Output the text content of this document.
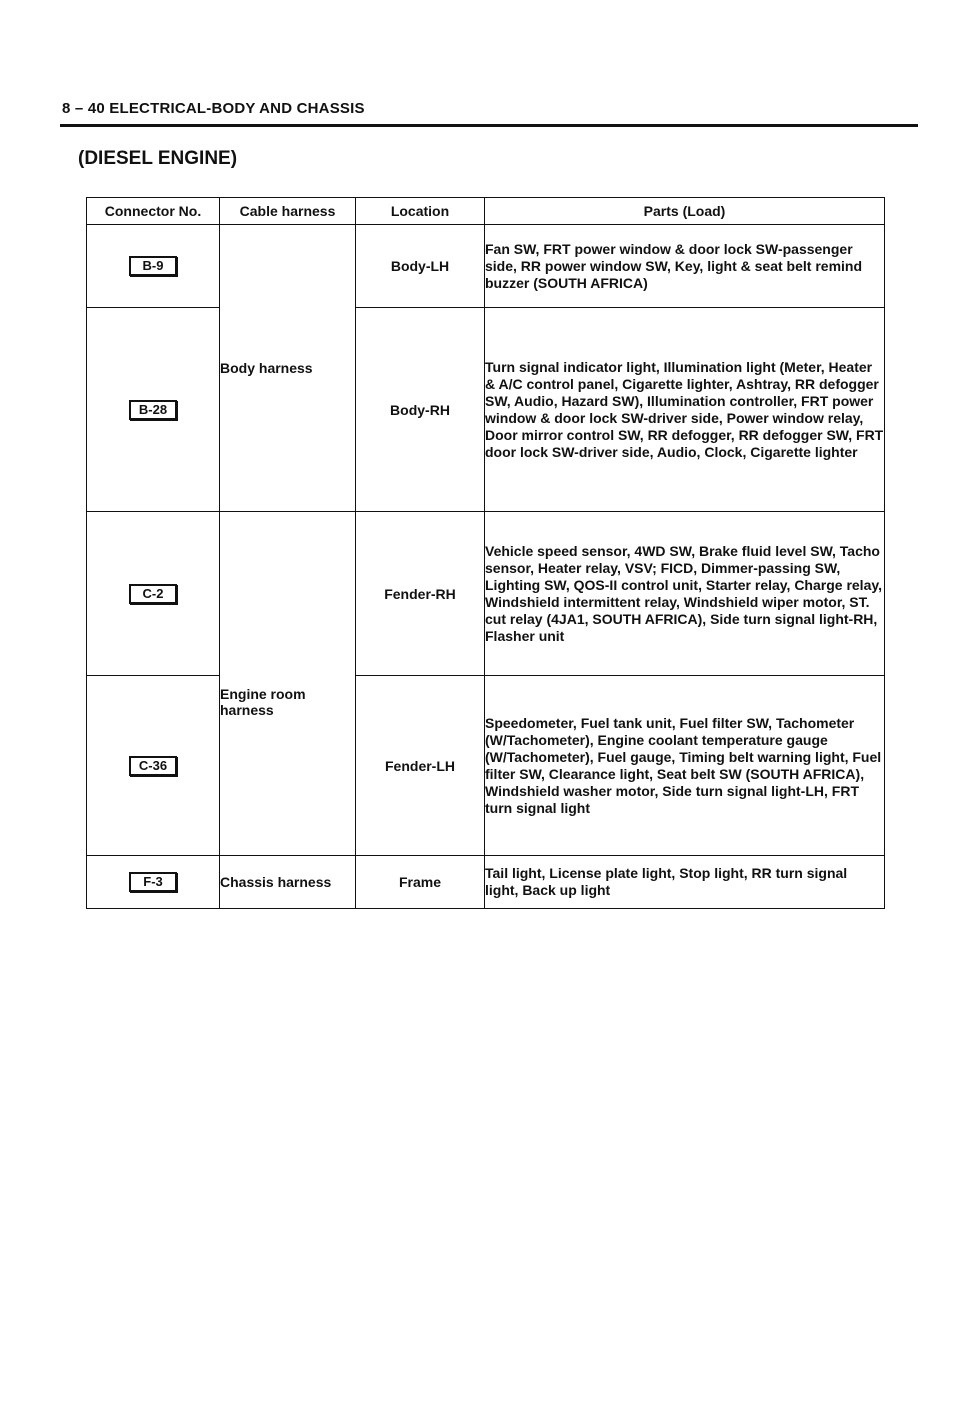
8 – 40 ELECTRICAL-BODY AND CHASSIS
(DIESEL ENGINE)
Connector No.	Cable harness	Location	Parts (Load)
B-9	Body harness	Body-LH	Fan SW, FRT power window & door lock SW-passenger side, RR power window SW, Key, light & seat belt remind buzzer (SOUTH AFRICA)
B-28		Body-RH	Turn signal indicator light, Illumination light (Meter, Heater & A/C control panel, Cigarette lighter, Ashtray, RR defogger SW, Audio, Hazard SW), Illumination controller, FRT power window & door lock SW-driver side, Power window relay, Door mirror control SW, RR defogger, RR defogger SW, FRT door lock SW-driver side, Audio, Clock, Cigarette lighter
C-2	Engine room harness	Fender-RH	Vehicle speed sensor, 4WD SW, Brake fluid level SW, Tacho sensor, Heater relay, VSV; FICD, Dimmer-passing SW, Lighting SW, QOS-II control unit, Starter relay, Charge relay, Windshield intermittent relay, Windshield wiper motor, ST. cut relay (4JA1, SOUTH AFRICA), Side turn signal light-RH, Flasher unit
C-36		Fender-LH	Speedometer, Fuel tank unit, Fuel filter SW, Tachometer (W/Tachometer), Engine coolant temperature gauge (W/Tachometer), Fuel gauge, Timing belt warning light, Fuel filter SW, Clearance light, Seat belt SW (SOUTH AFRICA), Windshield washer motor, Side turn signal light-LH, FRT turn signal light
F-3	Chassis harness	Frame	Tail light, License plate light, Stop light, RR turn signal light, Back up light
